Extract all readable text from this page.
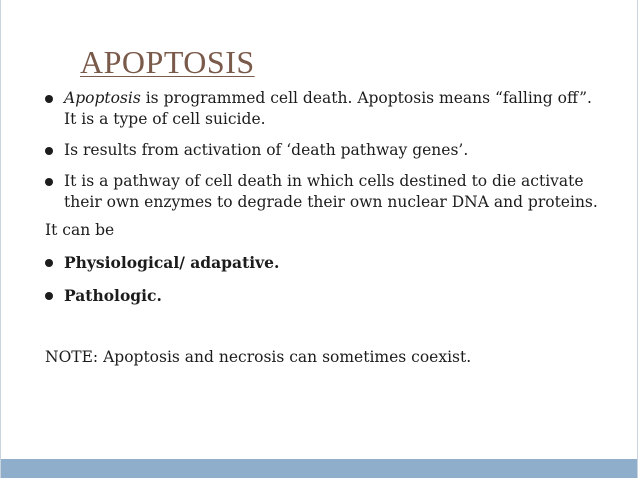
APOPTOSIS
Apoptosis is programmed cell death. Apoptosis means “falling off”. It is a type of cell suicide.
Is results from activation of ‘death pathway genes’.
It is a pathway of cell death in which cells destined to die activate their own enzymes to degrade their own nuclear DNA and proteins.
It can be
Physiological/ adapative.
Pathologic.
NOTE: Apoptosis and necrosis can sometimes coexist.
